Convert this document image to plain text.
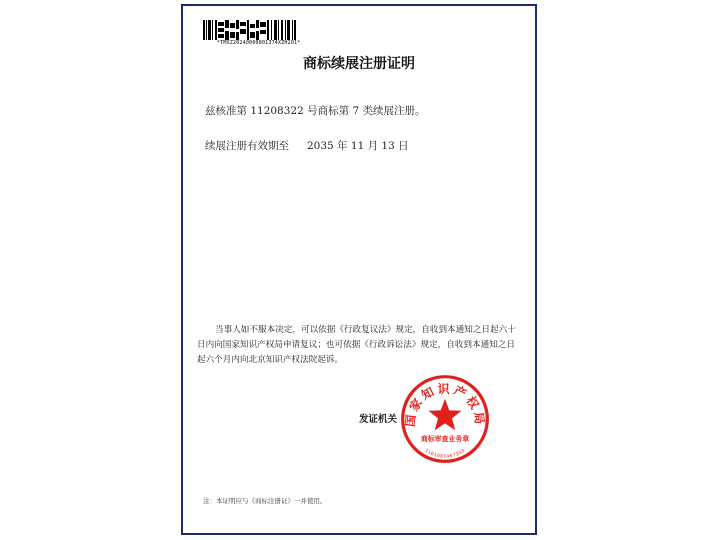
*TMXZ20240000801374XZH201*
商标续展注册证明
兹核准第 11208322 号商标第 7 类续展注册。
续展注册有效期至 2035 年 11 月 13 日
当事人如不服本决定，可以依据《行政复议法》规定，自收到本通知之日起六十日内向国家知识产权局申请复议；也可依据《行政诉讼法》规定，自收到本通知之日起六个月内向北京知识产权法院起诉。
发证机关 国家知识产权局
商标审查业务章
1101081467333
注：本证明应与《商标注册证》一并使用。
